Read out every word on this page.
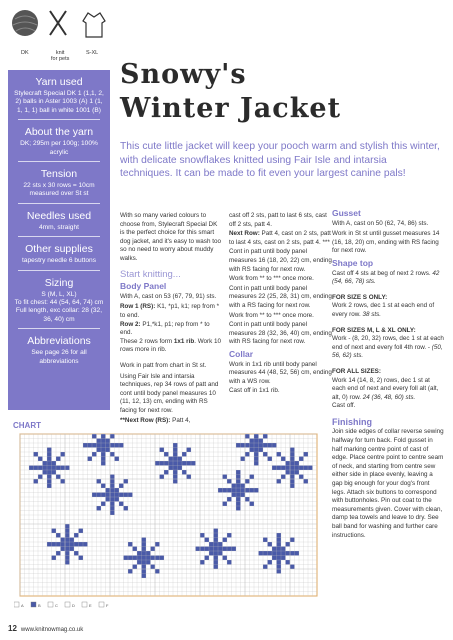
DK	knit
for pets
S-XL
Yarn used
Stylecraft Special DK 1 (1,1, 2, 2) balls in Aster 1003 (A) 1 (1, 1, 1, 1) ball in white 1001 (B)
About the yarn
DK; 295m per 100g; 100% acrylic
Tension
22 sts x 30 rows = 10cm measured over St st
Needles used
4mm, straight
Other supplies
tapestry needle 6 buttons
Sizing
S (M, L, XL)
To fit chest: 44 (54, 64, 74) cm
Full length, exc collar: 28 (32, 36, 40) cm
Abbreviations
See page 26 for all abbreviations
Snowy's
Winter Jacket
This cute little jacket will keep your pooch warm and stylish this winter, with delicate snowflakes knitted using Fair Isle and intarsia techniques. It can be made to fit even your largest canine pals!

With so many varied colours to choose from, Stylecraft Special DK is the perfect choice for this smart dog jacket, and it's easy to wash too so no need to worry about muddy walks.

Start knitting...
Body Panel

With A, cast on 53 (67, 79, 91) sts.

Row 1 (RS): K1, *p1, k1; rep from * to end.
Row 2: P1,*k1, p1; rep from * to end.

These 2 rows form 1x1 rib. Work 10 rows more in rib.

Work in patt from chart in St st.

Using Fair Isle and intarsia techniques, rep 34 rows of patt and cont until body panel measures 10 (11, 12, 13) cm, ending with RS facing for next row.

**Next Row (RS): Patt 4,

cast off 2 sts, patt to last 6 sts, cast off 2 sts, patt 4.

Next Row: Patt 4, cast on 2 sts, patt to last 4 sts, cast on 2 sts, patt 4. ***

Cont in patt until body panel measures 16 (18, 20, 22) cm, ending with RS facing for next row.

Work from ** to *** once more.

Cont in patt until body panel measures 22 (25, 28, 31) cm, ending with a RS facing for next row.

Work from ** to *** once more.

Cont in patt until body panel measures 28 (32, 36, 40) cm, ending with RS facing for next row.

Collar

Work in 1x1 rib until body panel measures 44 (48, 52, 56) cm, ending with a WS row.

Cast off in 1x1 rib.

Gusset

With A, cast on 50 (62, 74, 86) sts.

Work in St st until gusset measures 14 (16, 18, 20) cm, ending with RS facing for next row.

Shape top

Cast off 4 sts at beg of next 2 rows. 42 (54, 66, 78) sts.

FOR SIZE S ONLY:

Work 2 rows, dec 1 st at each end of every row. 38 sts.

FOR SIZES M, L & XL ONLY:

Work - (8, 20, 32) rows, dec 1 st at each end of next and every foll 4th row. - (50, 56, 62) sts.

FOR ALL SIZES:

Work 14 (14, 8, 2) rows, dec 1 st at each end of next and every foll alt (alt, alt, 0) row. 24 (36, 48, 60) sts.

Cast off.

Finishing

Join side edges of collar reverse sewing halfway for turn back. Fold gusset in half marking centre point of cast of edge. Place centre point to centre seam of neck, and starting from centre sew either side in place evenly, leaving a gap big enough for your dog's front legs. Attach six buttons to correspond with buttonholes. Pin out coat to the measurements given. Cover with clean, damp tea towels and leave to dry. See ball band for washing and further care instructions.

CHART
A	B	C	D	E	F
12 www.knitnowmag.co.uk
